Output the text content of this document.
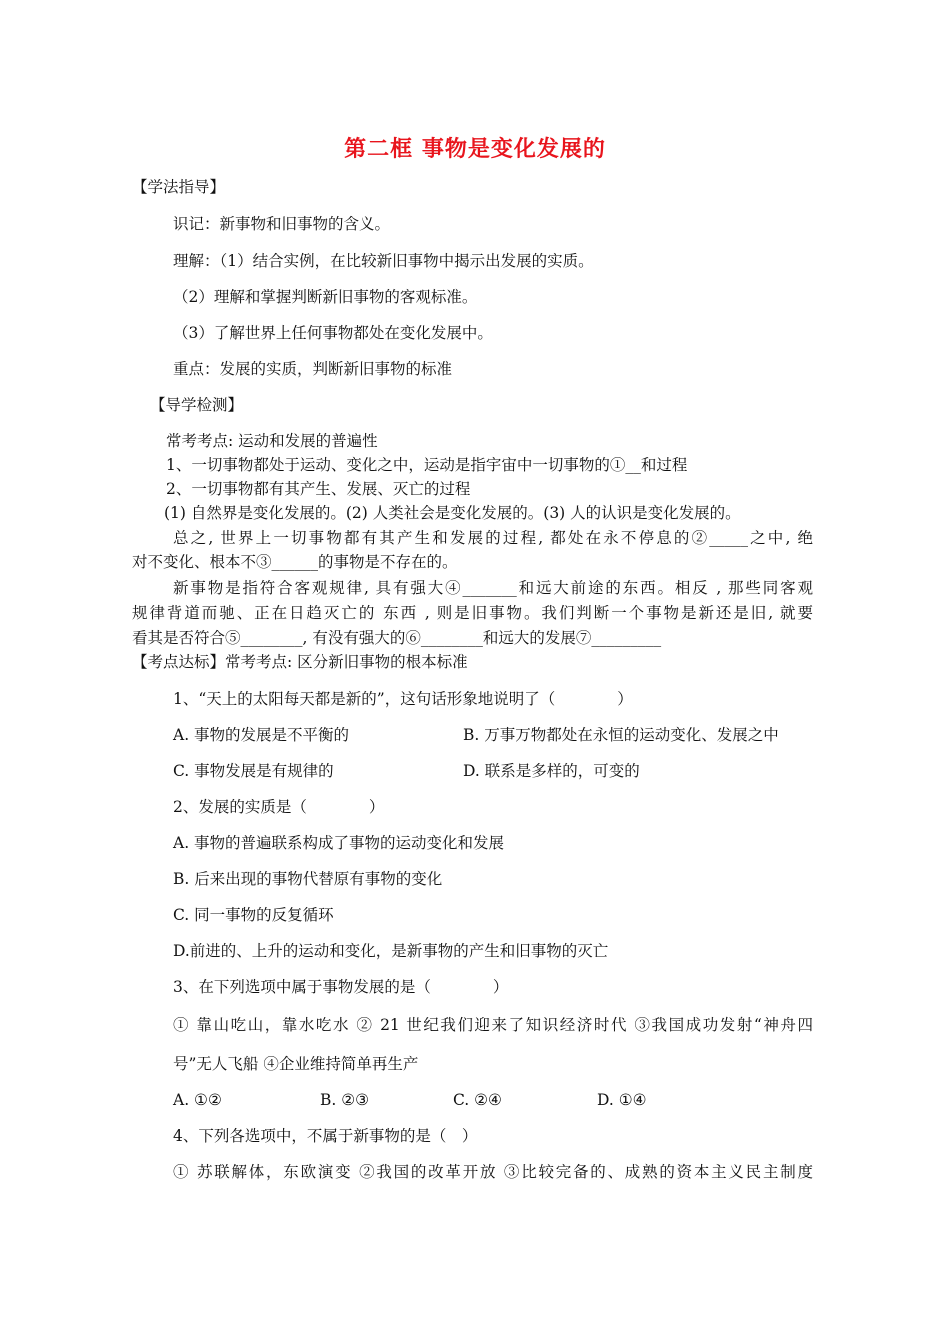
第二框 事物是变化发展的
【学法指导】
识记：新事物和旧事物的含义。
理解：（1）结合实例，在比较新旧事物中揭示出发展的实质。
（2）理解和掌握判断新旧事物的客观标准。
（3）了解世界上任何事物都处在变化发展中。
重点：发展的实质，判断新旧事物的标准
【导学检测】
常考考点: 运动和发展的普遍性
1、一切事物都处于运动、变化之中，运动是指宇宙中一切事物的①__和过程
2、一切事物都有其产生、发展、灭亡的过程
(1) 自然界是变化发展的。(2) 人类社会是变化发展的。(3) 人的认识是变化发展的。
总之, 世界上一切事物都有其产生和发展的过程, 都处在永不停息的②_____之中, 绝
对不变化、根本不③______的事物是不存在的。
新事物是指符合客观规律, 具有强大④_______和远大前途的东西。相反 , 那些同客观
规律背道而驰、正在日趋灭亡的 东西 , 则是旧事物。我们判断一个事物是新还是旧, 就要
看其是否符合⑤________, 有没有强大的⑥________和远大的发展⑦_________
【考点达标】常考考点: 区分新旧事物的根本标准
1、“天上的太阳每天都是新的”，这句话形象地说明了（　　　　）
A. 事物的发展是不平衡的	B. 万事万物都处在永恒的运动变化、发展之中
C. 事物发展是有规律的	D. 联系是多样的，可变的
2、发展的实质是（　　　　）
A. 事物的普遍联系构成了事物的运动变化和发展
B. 后来出现的事物代替原有事物的变化
C. 同一事物的反复循环
D.前进的、上升的运动和变化，是新事物的产生和旧事物的灭亡
3、在下列选项中属于事物发展的是（　　　　）
① 靠山吃山，靠水吃水 ② 21 世纪我们迎来了知识经济时代 ③我国成功发射“神舟四
号”无人飞船 ④企业维持简单再生产
A. ①②	B. ②③	C. ②④	D. ①④
4、下列各选项中，不属于新事物的是（　）
① 苏联解体，东欧演变 ②我国的改革开放 ③比较完备的、成熟的资本主义民主制度
